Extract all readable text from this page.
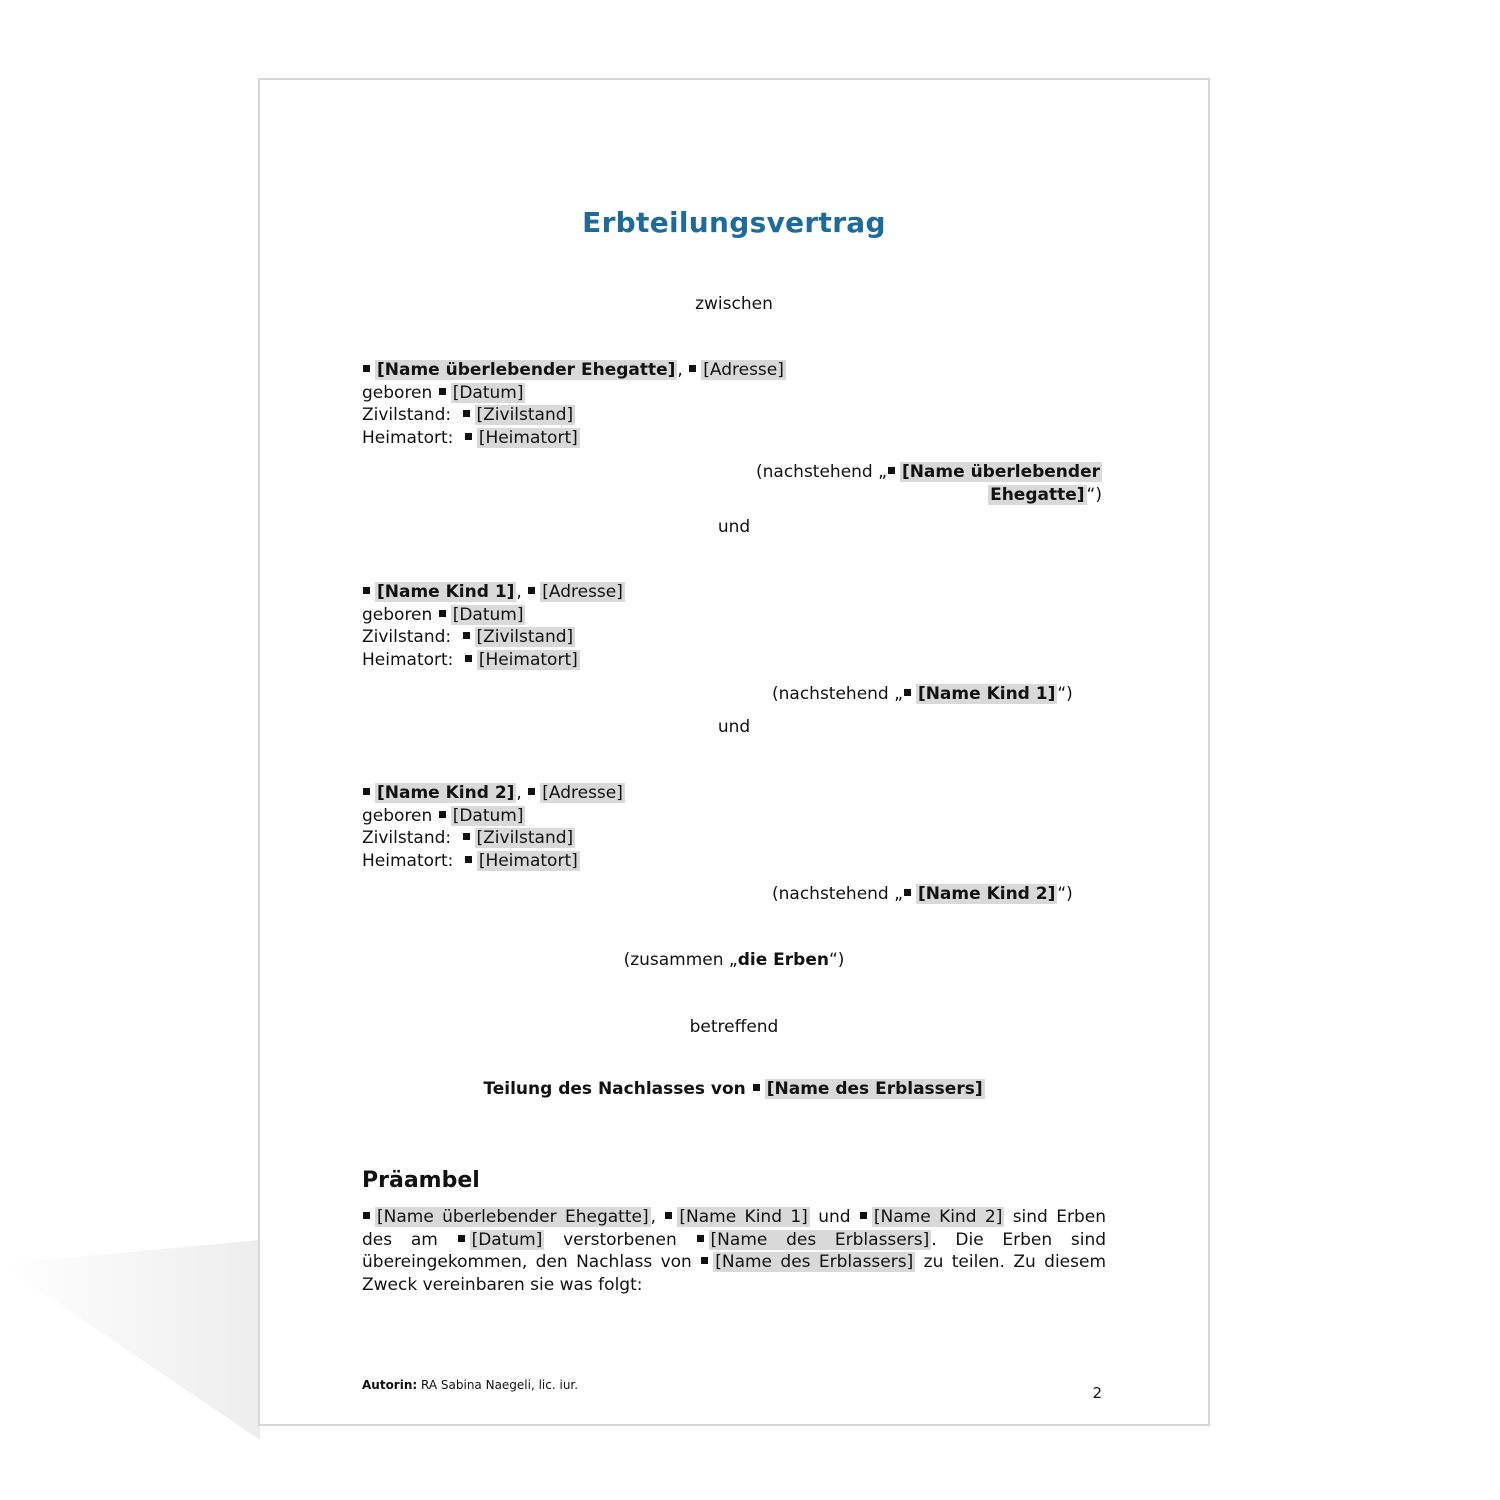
Erbteilungsvertrag
zwischen
[Name überlebender Ehegatte] , [Adresse]
geboren [Datum]
Zivilstand: [Zivilstand]
Heimatort: [Heimatort]
(nachstehend „ [Name überlebender
Ehegatte] “)
und
[Name Kind 1] , [Adresse]
geboren [Datum]
Zivilstand: [Zivilstand]
Heimatort: [Heimatort]
(nachstehend „ [Name Kind 1] “)
und
[Name Kind 2] , [Adresse]
geboren [Datum]
Zivilstand: [Zivilstand]
Heimatort: [Heimatort]
(nachstehend „ [Name Kind 2] “)
(zusammen „die Erben“)
betreffend
Teilung des Nachlasses von [Name des Erblassers]
Präambel
[Name überlebender Ehegatte] , [Name Kind 1] und [Name Kind 2] sind Erben des am [Datum] verstorbenen [Name des Erblassers] . Die Erben sind übereingekommen, den Nachlass von [Name des Erblassers] zu teilen. Zu diesem Zweck vereinbaren sie was folgt:
Autorin: RA Sabina Naegeli, lic. iur.	2
